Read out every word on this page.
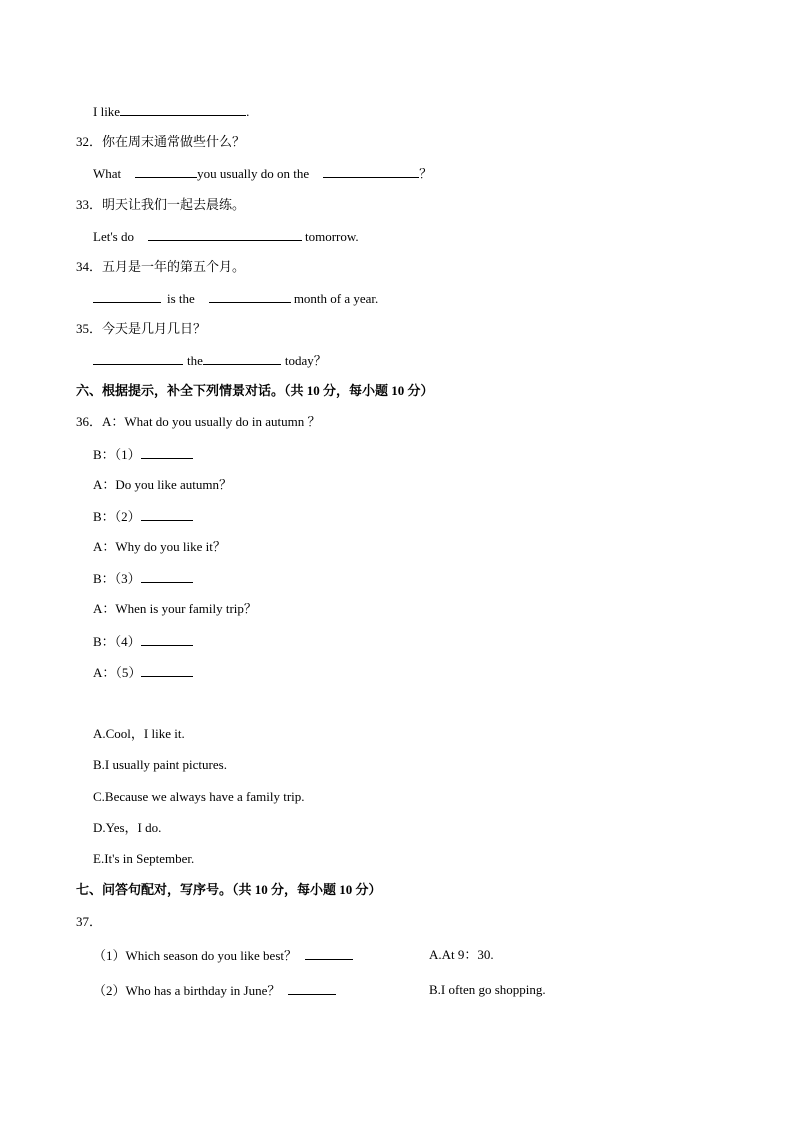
I like	.
32．你在周末通常做些什么？
What	you usually do on the	？
33．明天让我们一起去晨练。
Let's do	tomorrow.
34．五月是一年的第五个月。
is the	month of a year.
35．今天是几月几日？
the	today？
六、根据提示，补全下列情景对话。（共 10 分，每小题 10 分）
36．A：What do you usually do in autumn ？
B：（1）
A：Do you like autumn？
B：（2）
A：Why do you like it？
B：（3）
A：When is your family trip？
B：（4）
A：（5）
A.Cool，I like it.
B.I usually paint pictures.
C.Because we always have a family trip.
D.Yes，I do.
E.It's in September.
七、问答句配对，写序号。（共 10 分，每小题 10 分）
37．
（1）Which season do you like best？	A.At 9：30.
（2）Who has a birthday in June？	B.I often go shopping.
